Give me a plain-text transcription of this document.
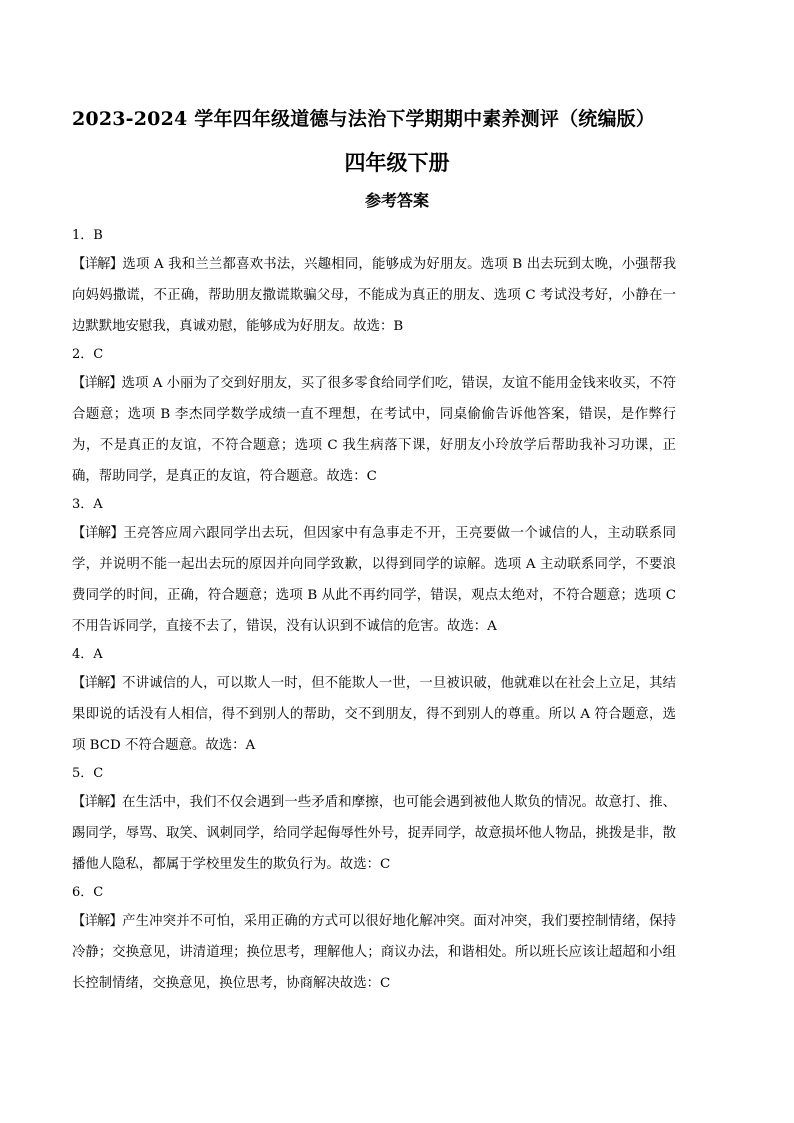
2023-2024 学年四年级道德与法治下学期期中素养测评（统编版）
四年级下册
参考答案

1．B

【详解】选项 A 我和兰兰都喜欢书法，兴趣相同，能够成为好朋友。选项 B 出去玩到太晚，小强帮我向妈妈撒谎，不正确，帮助朋友撒谎欺骗父母，不能成为真正的朋友、选项 C 考试没考好，小静在一边默默地安慰我，真诚劝慰，能够成为好朋友。故选：B

2．C

【详解】选项 A 小丽为了交到好朋友，买了很多零食给同学们吃，错误，友谊不能用金钱来收买，不符合题意；选项 B 李杰同学数学成绩一直不理想，在考试中，同桌偷偷告诉他答案，错误，是作弊行为，不是真正的友谊，不符合题意；选项 C 我生病落下课，好朋友小玲放学后帮助我补习功课，正确，帮助同学，是真正的友谊，符合题意。故选：C

3．A

【详解】王亮答应周六跟同学出去玩，但因家中有急事走不开，王亮要做一个诚信的人，主动联系同学，并说明不能一起出去玩的原因并向同学致歉，以得到同学的谅解。选项 A 主动联系同学，不要浪费同学的时间，正确，符合题意；选项 B 从此不再约同学，错误，观点太绝对，不符合题意；选项 C 不用告诉同学，直接不去了，错误，没有认识到不诚信的危害。故选：A

4．A

【详解】不讲诚信的人，可以欺人一时，但不能欺人一世，一旦被识破，他就难以在社会上立足，其结果即说的话没有人相信，得不到别人的帮助，交不到朋友，得不到别人的尊重。所以 A 符合题意，选项 BCD 不符合题意。故选：A

5．C

【详解】在生活中，我们不仅会遇到一些矛盾和摩擦，也可能会遇到被他人欺负的情况。故意打、推、踢同学，辱骂、取笑、讽刺同学，给同学起侮辱性外号，捉弄同学，故意损坏他人物品，挑拨是非，散播他人隐私，都属于学校里发生的欺负行为。故选：C

6．C

【详解】产生冲突并不可怕，采用正确的方式可以很好地化解冲突。面对冲突，我们要控制情绪，保持冷静；交换意见，讲清道理；换位思考，理解他人；商议办法，和谐相处。所以班长应该让超超和小组长控制情绪，交换意见，换位思考，协商解决故选：C
